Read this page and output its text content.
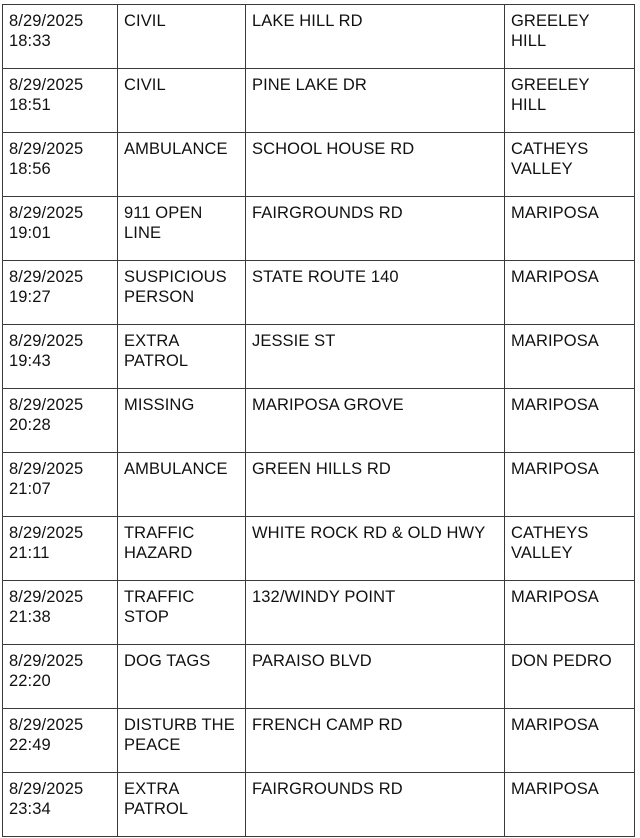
8/29/2025
18:33	CIVIL	LAKE HILL RD	GREELEY HILL
8/29/2025
18:51	CIVIL	PINE LAKE DR	GREELEY HILL
8/29/2025
18:56	AMBULANCE	SCHOOL HOUSE RD	CATHEYS
VALLEY
8/29/2025
19:01	911 OPEN
LINE	FAIRGROUNDS RD	MARIPOSA
8/29/2025
19:27	SUSPICIOUS
PERSON	STATE ROUTE 140	MARIPOSA
8/29/2025
19:43	EXTRA
PATROL	JESSIE ST	MARIPOSA
8/29/2025
20:28	MISSING	MARIPOSA GROVE	MARIPOSA
8/29/2025
21:07	AMBULANCE	GREEN HILLS RD	MARIPOSA
8/29/2025
21:11	TRAFFIC
HAZARD	WHITE ROCK RD & OLD HWY	CATHEYS
VALLEY
8/29/2025
21:38	TRAFFIC
STOP	132/WINDY POINT	MARIPOSA
8/29/2025
22:20	DOG TAGS	PARAISO BLVD	DON PEDRO
8/29/2025
22:49	DISTURB THE
PEACE	FRENCH CAMP RD	MARIPOSA
8/29/2025
23:34	EXTRA
PATROL	FAIRGROUNDS RD	MARIPOSA
